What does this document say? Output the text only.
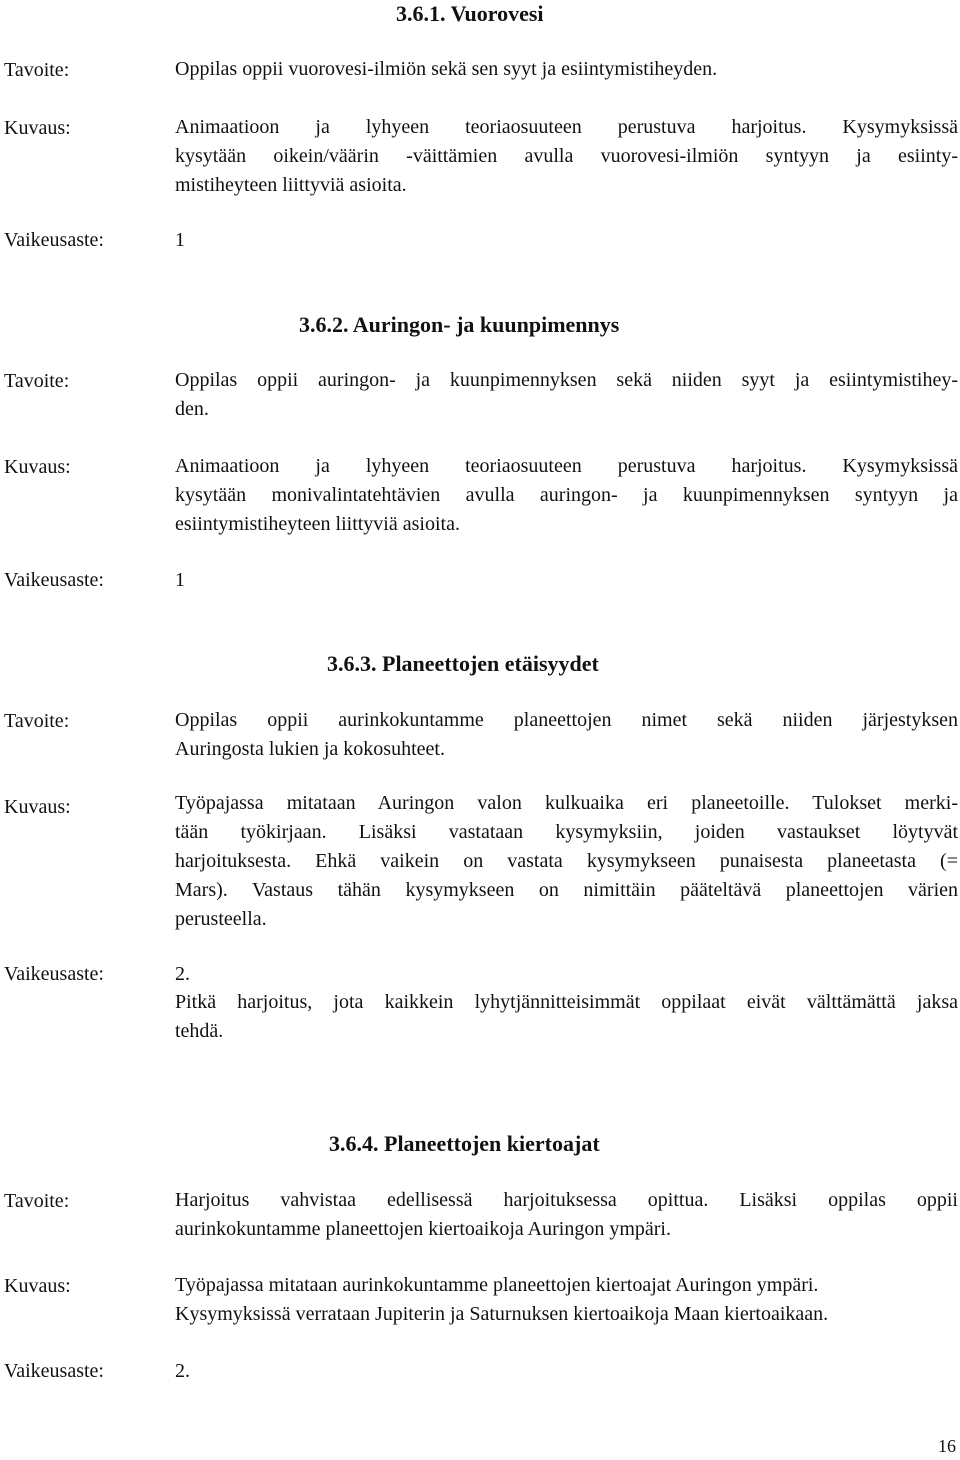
3.6.1. Vuorovesi
Tavoite:	Oppilas oppii vuorovesi-ilmiön sekä sen syyt ja esiintymistiheyden.
Kuvaus:	Animaatioon ja lyhyeen teoriaosuuteen perustuva harjoitus. Kysymyksissä
kysytään oikein/väärin -väittämien avulla vuorovesi-ilmiön syntyyn ja esiinty-
mistiheyteen liittyviä asioita.
Vaikeusaste:	1
3.6.2. Auringon- ja kuunpimennys
Tavoite:	Oppilas oppii auringon- ja kuunpimennyksen sekä niiden syyt ja esiintymistihey-
den.
Kuvaus:	Animaatioon ja lyhyeen teoriaosuuteen perustuva harjoitus. Kysymyksissä
kysytään monivalintatehtävien avulla auringon- ja kuunpimennyksen syntyyn ja
esiintymistiheyteen liittyviä asioita.
Vaikeusaste:	1
3.6.3. Planeettojen etäisyydet
Tavoite:	Oppilas oppii aurinkokuntamme planeettojen nimet sekä niiden järjestyksen
Auringosta lukien ja kokosuhteet.
Kuvaus:	Työpajassa mitataan Auringon valon kulkuaika eri planeetoille. Tulokset merki-
tään työkirjaan. Lisäksi vastataan kysymyksiin, joiden vastaukset löytyvät
harjoituksesta. Ehkä vaikein on vastata kysymykseen punaisesta planeetasta (=
Mars). Vastaus tähän kysymykseen on nimittäin pääteltävä planeettojen värien
perusteella.
Vaikeusaste:	2.
Pitkä harjoitus, jota kaikkein lyhytjännitteisimmät oppilaat eivät välttämättä jaksa
tehdä.
3.6.4. Planeettojen kiertoajat
Tavoite:	Harjoitus vahvistaa edellisessä harjoituksessa opittua. Lisäksi oppilas oppii
aurinkokuntamme planeettojen kiertoaikoja Auringon ympäri.
Kuvaus:	Työpajassa mitataan aurinkokuntamme planeettojen kiertoajat Auringon ympäri.
Kysymyksissä verrataan Jupiterin ja Saturnuksen kiertoaikoja Maan kiertoaikaan.
Vaikeusaste:	2.
16
